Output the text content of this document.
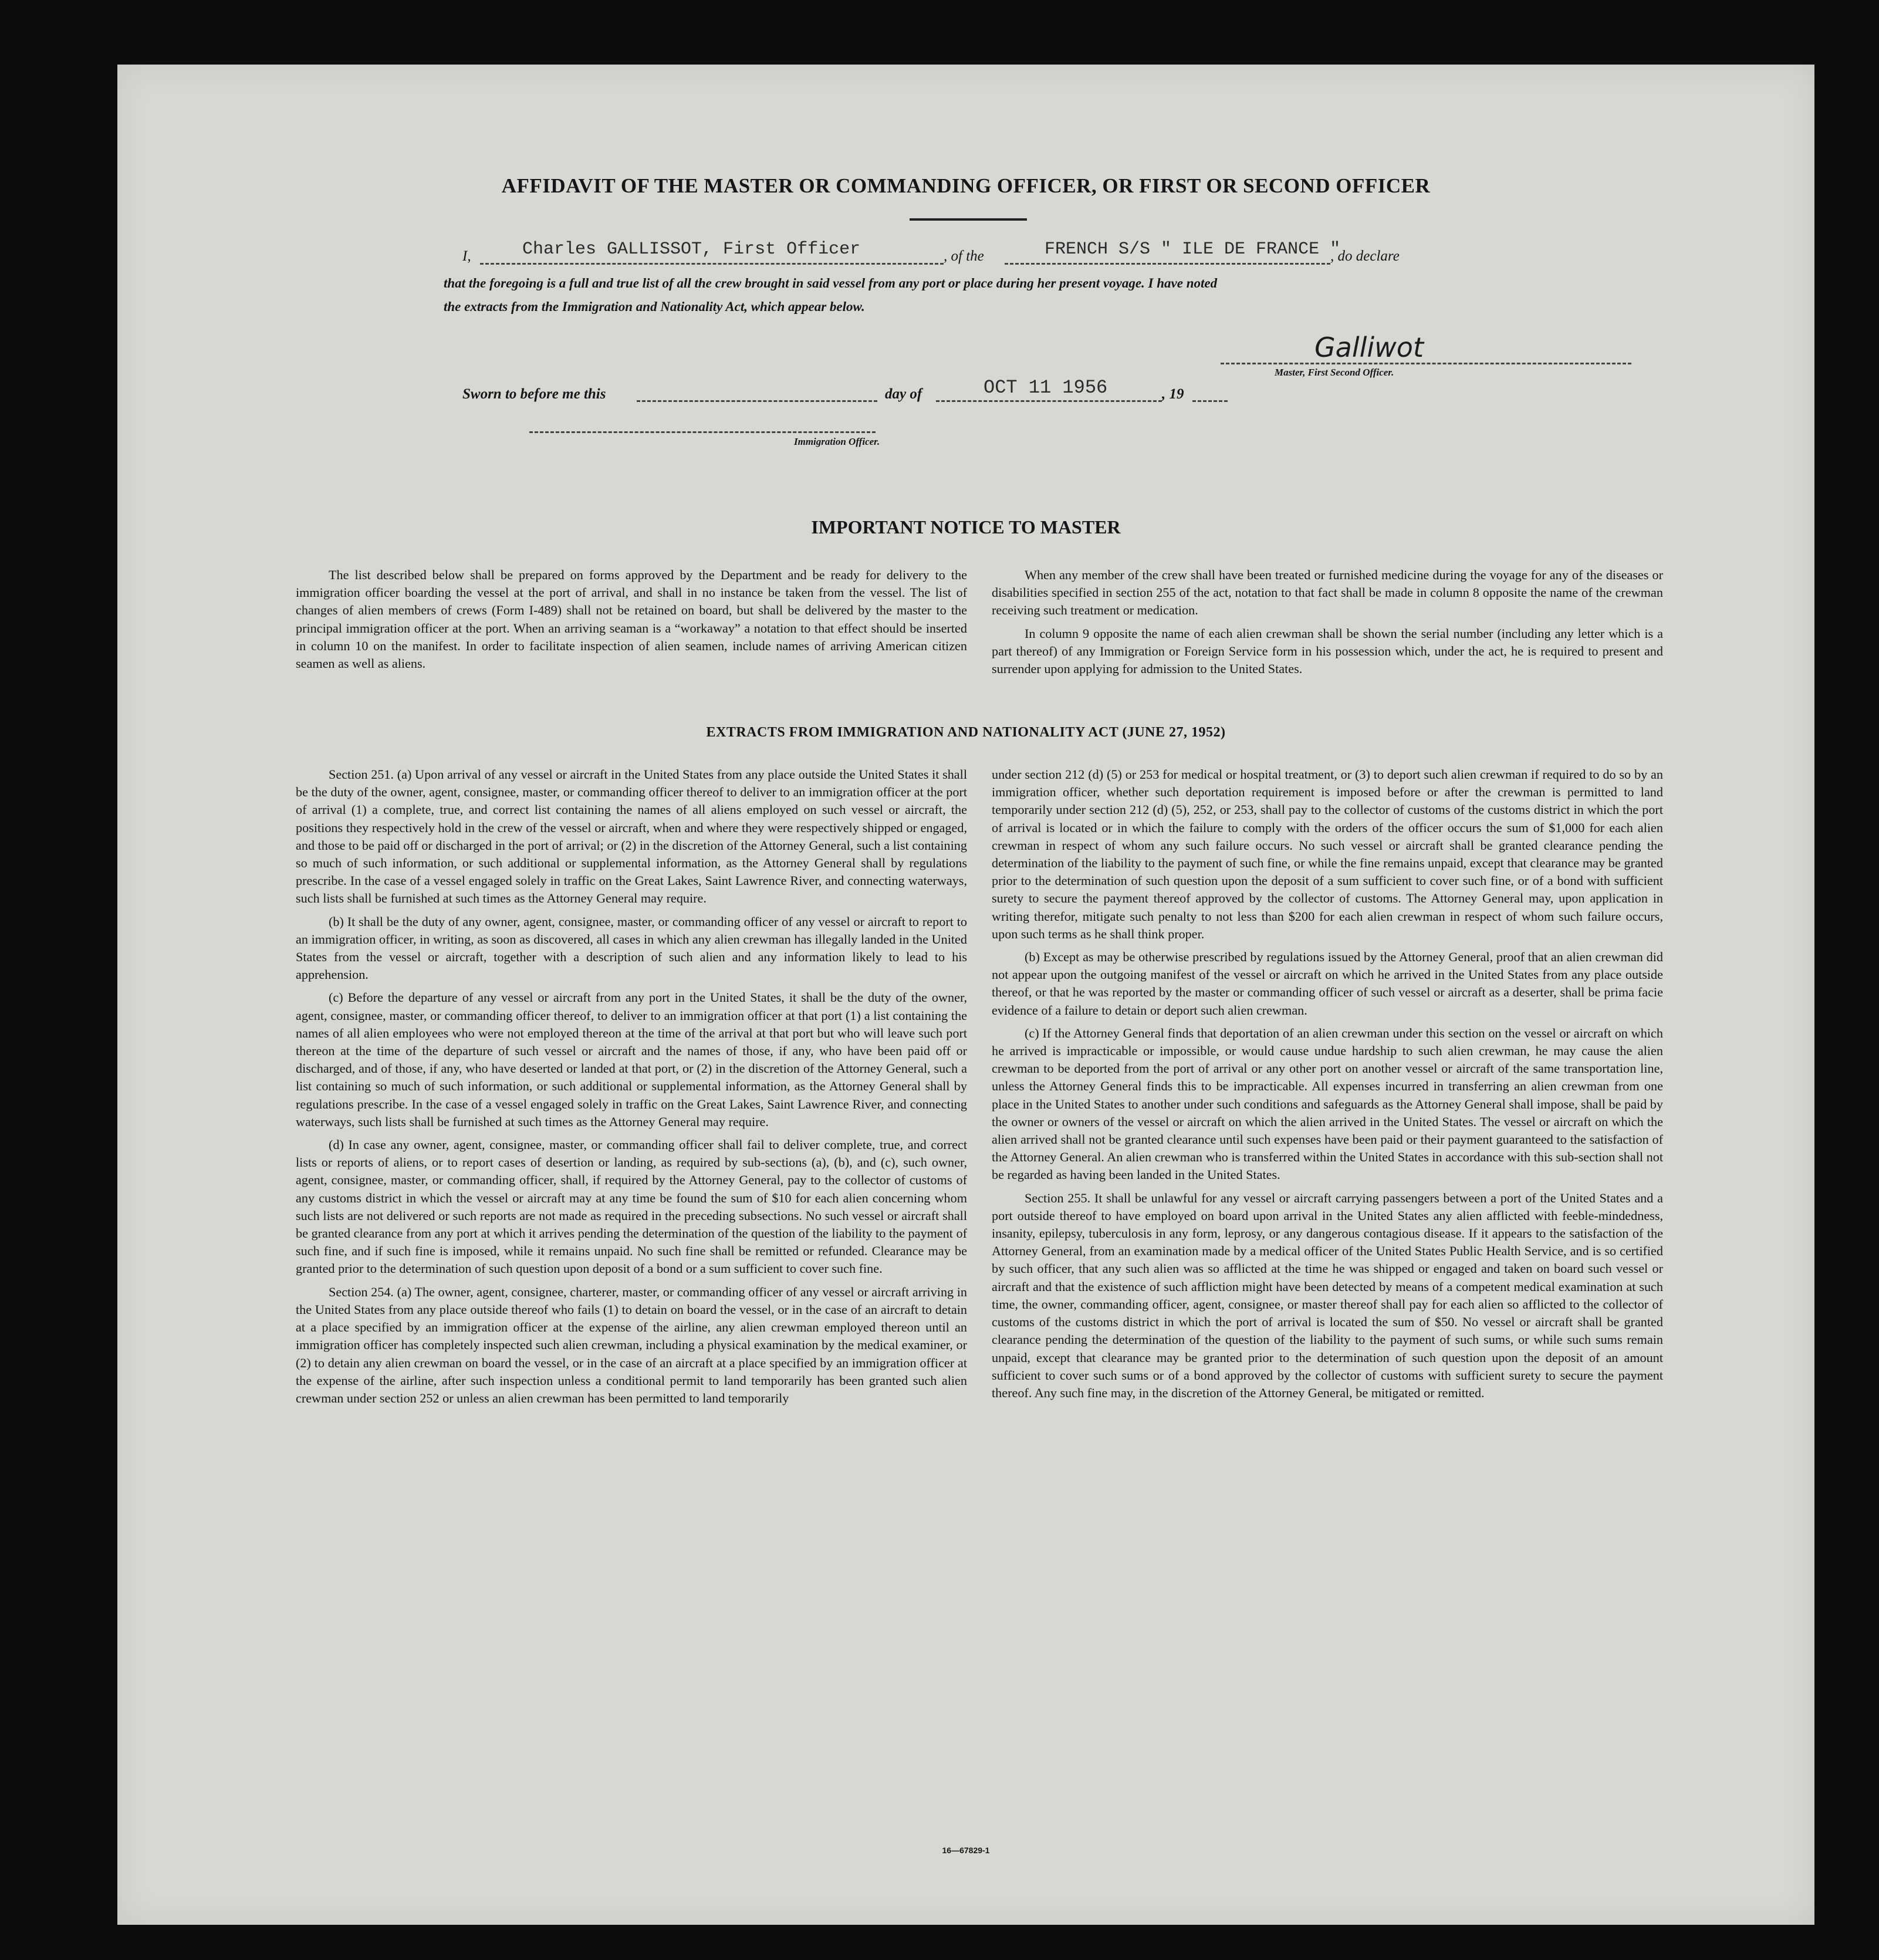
AFFIDAVIT OF THE MASTER OR COMMANDING OFFICER, OR FIRST OR SECOND OFFICER
I,	Charles GALLISSOT, First Officer	, of the	FRENCH S/S " ILE DE FRANCE "
, do declare
that the foregoing is a full and true list of all the crew brought in said vessel from any port or place during her present voyage. I have noted
the extracts from the Immigration and Nationality Act, which appear below.
Galliwot
Master, First Second Officer.
Sworn to before me this	day of	OCT 11 1956	, 19
Immigration Officer.
IMPORTANT NOTICE TO MASTER

The list described below shall be prepared on forms approved by the Department and be ready for delivery to the immigration officer boarding the vessel at the port of arrival, and shall in no instance be taken from the vessel. The list of changes of alien members of crews (Form I-489) shall not be retained on board, but shall be delivered by the master to the principal immigration officer at the port. When an arriving seaman is a “workaway” a notation to that effect should be inserted in column 10 on the manifest. In order to facilitate inspection of alien seamen, include names of arriving American citizen seamen as well as aliens.

When any member of the crew shall have been treated or furnished medicine during the voyage for any of the diseases or disabilities specified in section 255 of the act, notation to that fact shall be made in column 8 opposite the name of the crewman receiving such treatment or medication.

In column 9 opposite the name of each alien crewman shall be shown the serial number (including any letter which is a part thereof) of any Immigration or Foreign Service form in his possession which, under the act, he is required to present and surrender upon applying for admission to the United States.

EXTRACTS FROM IMMIGRATION AND NATIONALITY ACT (JUNE 27, 1952)

Section 251. (a) Upon arrival of any vessel or aircraft in the United States from any place outside the United States it shall be the duty of the owner, agent, consignee, master, or commanding officer thereof to deliver to an immigration officer at the port of arrival (1) a complete, true, and correct list containing the names of all aliens employed on such vessel or aircraft, the positions they respectively hold in the crew of the vessel or aircraft, when and where they were respectively shipped or engaged, and those to be paid off or discharged in the port of arrival; or (2) in the discretion of the Attorney General, such a list containing so much of such information, or such additional or supplemental information, as the Attorney General shall by regulations prescribe. In the case of a vessel engaged solely in traffic on the Great Lakes, Saint Lawrence River, and connecting waterways, such lists shall be furnished at such times as the Attorney General may require.

(b) It shall be the duty of any owner, agent, consignee, master, or commanding officer of any vessel or aircraft to report to an immigration officer, in writing, as soon as discovered, all cases in which any alien crewman has illegally landed in the United States from the vessel or aircraft, together with a description of such alien and any information likely to lead to his apprehension.

(c) Before the departure of any vessel or aircraft from any port in the United States, it shall be the duty of the owner, agent, consignee, master, or commanding officer thereof, to deliver to an immigration officer at that port (1) a list containing the names of all alien employees who were not employed thereon at the time of the arrival at that port but who will leave such port thereon at the time of the departure of such vessel or aircraft and the names of those, if any, who have been paid off or discharged, and of those, if any, who have deserted or landed at that port, or (2) in the discretion of the Attorney General, such a list containing so much of such information, or such additional or supplemental information, as the Attorney General shall by regulations prescribe. In the case of a vessel engaged solely in traffic on the Great Lakes, Saint Lawrence River, and connecting waterways, such lists shall be furnished at such times as the Attorney General may require.

(d) In case any owner, agent, consignee, master, or commanding officer shall fail to deliver complete, true, and correct lists or reports of aliens, or to report cases of desertion or landing, as required by sub-sections (a), (b), and (c), such owner, agent, consignee, master, or commanding officer, shall, if required by the Attorney General, pay to the collector of customs of any customs district in which the vessel or aircraft may at any time be found the sum of $10 for each alien concerning whom such lists are not delivered or such reports are not made as required in the preceding subsections. No such vessel or aircraft shall be granted clearance from any port at which it arrives pending the determination of the question of the liability to the payment of such fine, and if such fine is imposed, while it remains unpaid. No such fine shall be remitted or refunded. Clearance may be granted prior to the determination of such question upon deposit of a bond or a sum sufficient to cover such fine.

Section 254. (a) The owner, agent, consignee, charterer, master, or commanding officer of any vessel or aircraft arriving in the United States from any place outside thereof who fails (1) to detain on board the vessel, or in the case of an aircraft to detain at a place specified by an immigration officer at the expense of the airline, any alien crewman employed thereon until an immigration officer has completely inspected such alien crewman, including a physical examination by the medical examiner, or (2) to detain any alien crewman on board the vessel, or in the case of an aircraft at a place specified by an immigration officer at the expense of the airline, after such inspection unless a conditional permit to land temporarily has been granted such alien crewman under section 252 or unless an alien crewman has been permitted to land temporarily

under section 212 (d) (5) or 253 for medical or hospital treatment, or (3) to deport such alien crewman if required to do so by an immigration officer, whether such deportation requirement is imposed before or after the crewman is permitted to land temporarily under section 212 (d) (5), 252, or 253, shall pay to the collector of customs of the customs district in which the port of arrival is located or in which the failure to comply with the orders of the officer occurs the sum of $1,000 for each alien crewman in respect of whom any such failure occurs. No such vessel or aircraft shall be granted clearance pending the determination of the liability to the payment of such fine, or while the fine remains unpaid, except that clearance may be granted prior to the determination of such question upon the deposit of a sum sufficient to cover such fine, or of a bond with sufficient surety to secure the payment thereof approved by the collector of customs. The Attorney General may, upon application in writing therefor, mitigate such penalty to not less than $200 for each alien crewman in respect of whom such failure occurs, upon such terms as he shall think proper.

(b) Except as may be otherwise prescribed by regulations issued by the Attorney General, proof that an alien crewman did not appear upon the outgoing manifest of the vessel or aircraft on which he arrived in the United States from any place outside thereof, or that he was reported by the master or commanding officer of such vessel or aircraft as a deserter, shall be prima facie evidence of a failure to detain or deport such alien crewman.

(c) If the Attorney General finds that deportation of an alien crewman under this section on the vessel or aircraft on which he arrived is impracticable or impossible, or would cause undue hardship to such alien crewman, he may cause the alien crewman to be deported from the port of arrival or any other port on another vessel or aircraft of the same transportation line, unless the Attorney General finds this to be impracticable. All expenses incurred in transferring an alien crewman from one place in the United States to another under such conditions and safeguards as the Attorney General shall impose, shall be paid by the owner or owners of the vessel or aircraft on which the alien arrived in the United States. The vessel or aircraft on which the alien arrived shall not be granted clearance until such expenses have been paid or their payment guaranteed to the satisfaction of the Attorney General. An alien crewman who is transferred within the United States in accordance with this sub-section shall not be regarded as having been landed in the United States.

Section 255. It shall be unlawful for any vessel or aircraft carrying passengers between a port of the United States and a port outside thereof to have employed on board upon arrival in the United States any alien afflicted with feeble-mindedness, insanity, epilepsy, tuberculosis in any form, leprosy, or any dangerous contagious disease. If it appears to the satisfaction of the Attorney General, from an examination made by a medical officer of the United States Public Health Service, and is so certified by such officer, that any such alien was so afflicted at the time he was shipped or engaged and taken on board such vessel or aircraft and that the existence of such affliction might have been detected by means of a competent medical examination at such time, the owner, commanding officer, agent, consignee, or master thereof shall pay for each alien so afflicted to the collector of customs of the customs district in which the port of arrival is located the sum of $50. No vessel or aircraft shall be granted clearance pending the determination of the question of the liability to the payment of such sums, or while such sums remain unpaid, except that clearance may be granted prior to the determination of such question upon the deposit of an amount sufficient to cover such sums or of a bond approved by the collector of customs with sufficient surety to secure the payment thereof. Any such fine may, in the discretion of the Attorney General, be mitigated or remitted.

16—67829-1
